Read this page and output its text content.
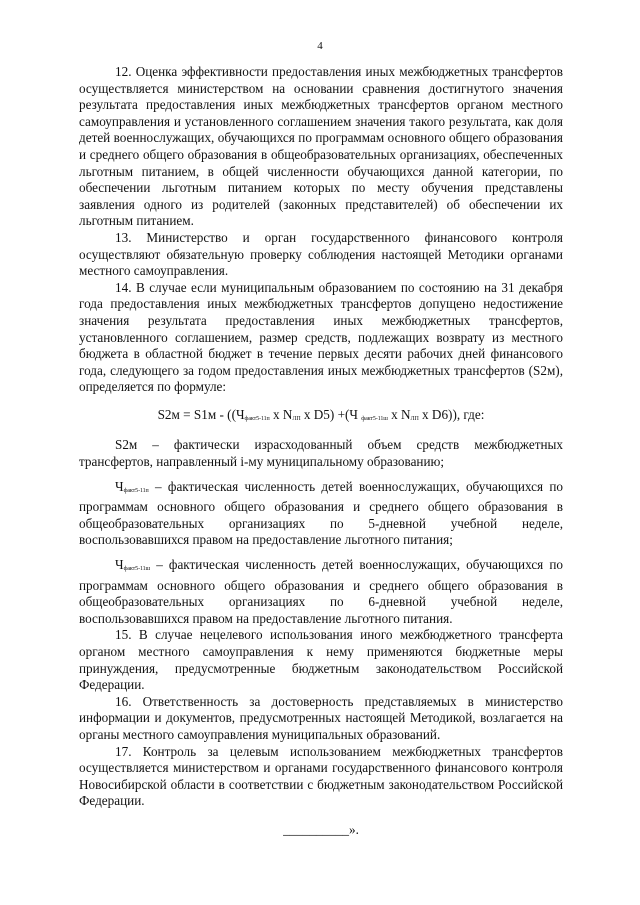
4

12. Оценка эффективности предоставления иных межбюджетных трансфертов осуществляется министерством на основании сравнения достигнутого значения результата предоставления иных межбюджетных трансфертов органом местного самоуправления и установленного соглашением значения такого результата, как доля детей военнослужащих, обучающихся по программам основного общего образования и среднего общего образования в общеобразовательных организациях, обеспеченных льготным питанием, в общей численности обучающихся данной категории, по обеспечении льготным питанием которых по месту обучения представлены заявления одного из родителей (законных представителей) об обеспечении их льготным питанием.

13. Министерство и орган государственного финансового контроля осуществляют обязательную проверку соблюдения настоящей Методики органами местного самоуправления.

14. В случае если муниципальным образованием по состоянию на 31 декабря года предоставления иных межбюджетных трансфертов допущено недостижение значения результата предоставления иных межбюджетных трансфертов, установленного соглашением, размер средств, подлежащих возврату из местного бюджета в областной бюджет в течение первых десяти рабочих дней финансового года, следующего за годом предоставления иных межбюджетных трансфертов (S2м), определяется по формуле:

S2м = S1м - ((Чфакт5-11п x NЛП x D5) +(Ч факт5-11ш x NЛП x D6)), где:

S2м – фактически израсходованный объем средств межбюджетных трансфертов, направленный i-му муниципальному образованию;

Чфакт5-11п – фактическая численность детей военнослужащих, обучающихся по программам основного общего образования и среднего общего образования в общеобразовательных организациях по 5-дневной учебной неделе, воспользовавшихся правом на предоставление льготного питания;

Чфакт5-11ш – фактическая численность детей военнослужащих, обучающихся по программам основного общего образования и среднего общего образования в общеобразовательных организациях по 6-дневной учебной неделе, воспользовавшихся правом на предоставление льготного питания.

15. В случае нецелевого использования иного межбюджетного трансферта органом местного самоуправления к нему применяются бюджетные меры принуждения, предусмотренные бюджетным законодательством Российской Федерации.

16. Ответственность за достоверность представляемых в министерство информации и документов, предусмотренных настоящей Методикой, возлагается на органы местного самоуправления муниципальных образований.

17. Контроль за целевым использованием межбюджетных трансфертов осуществляется министерством и органами государственного финансового контроля Новосибирской области в соответствии с бюджетным законодательством Российской Федерации.

__________».
